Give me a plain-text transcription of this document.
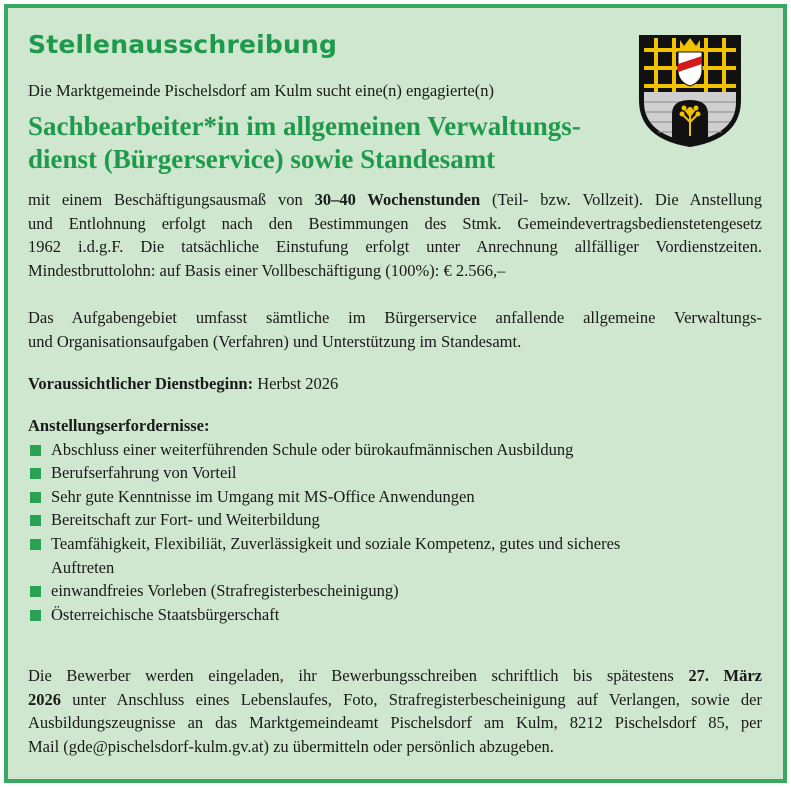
Stellenausschreibung

Die Marktgemeinde Pischelsdorf am Kulm sucht eine(n) engagierte(n)

Sachbearbeiter*in im allgemeinen Verwaltungs-
dienst (Bürgerservice) sowie Standesamt
mit einem Beschäftigungsausmaß von 30–40 Wochenstunden (Teil- bzw. Vollzeit). Die Anstellung
und Entlohnung erfolgt nach den Bestimmungen des Stmk. Gemeindevertragsbedienstetengesetz
1962 i.d.g.F. Die tatsächliche Einstufung erfolgt unter Anrechnung allfälliger Vordienstzeiten.
Mindestbruttolohn: auf Basis einer Vollbeschäftigung (100%): € 2.566,–
Das Aufgabengebiet umfasst sämtliche im Bürgerservice anfallende allgemeine Verwaltungs-
und Organisationsaufgaben (Verfahren) und Unterstützung im Standesamt.
Voraussichtlicher Dienstbeginn: Herbst 2026
Anstellungserfordernisse:
Abschluss einer weiterführenden Schule oder bürokaufmännischen Ausbildung
Berufserfahrung von Vorteil
Sehr gute Kenntnisse im Umgang mit MS-Office Anwendungen
Bereitschaft zur Fort- und Weiterbildung
Teamfähigkeit, Flexibiliät, Zuverlässigkeit und soziale Kompetenz, gutes und sicheres
Auftreten
einwandfreies Vorleben (Strafregisterbescheinigung)
Österreichische Staatsbürgerschaft
Die Bewerber werden eingeladen, ihr Bewerbungsschreiben schriftlich bis spätestens 27. März
2026 unter Anschluss eines Lebenslaufes, Foto, Strafregisterbescheinigung auf Verlangen, sowie der
Ausbildungszeugnisse an das Marktgemeindeamt Pischelsdorf am Kulm, 8212 Pischelsdorf 85, per
Mail (gde@pischelsdorf-kulm.gv.at) zu übermitteln oder persönlich abzugeben.
